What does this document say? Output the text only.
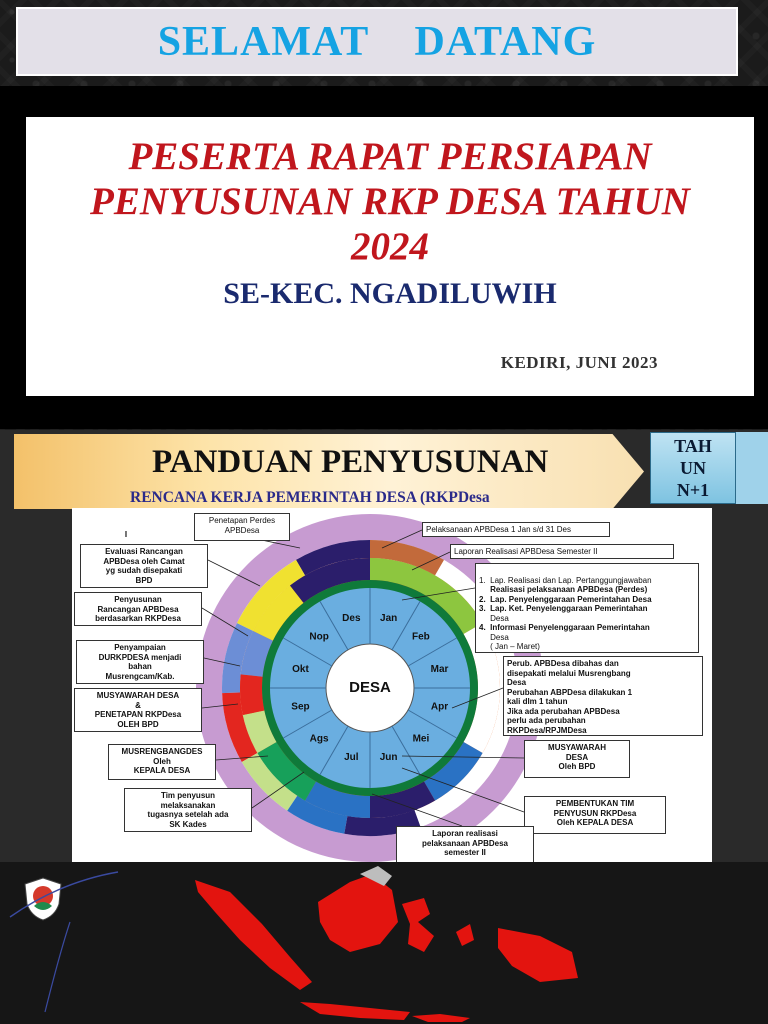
SELAMAT    DATANG
PESERTA RAPAT PERSIAPAN
PENYUSUNAN RKP DESA TAHUN
2024
SE-KEC. NGADILUWIH
KEDIRI, JUNI 2023
PANDUAN PENYUSUNAN
RENCANA KERJA PEMERINTAH DESA (RKPDesa
TAH
UN
N+1
Jan
Feb
Mar
Apr
Mei
Jun
Jul
Ags
Sep
Okt
Nop
Des
DESA
I
Penetapan Perdes
APBDesa	Pelaksanaan APBDesa 1 Jan s/d 31 Des
Laporan Realisasi APBDesa Semester II
Evaluasi Rancangan
APBDesa oleh Camat
yg sudah disepakati
BPD
Penyusunan
Rancangan APBDesa
berdasarkan RKPDesa

1.  Lap. Realisasi dan Lap. Pertanggungjawaban
Realisasi pelaksanaan APBDesa (Perdes)
2.  Lap. Penyelenggaraan Pemerintahan Desa
3.  Lap. Ket. Penyelenggaraan Pemerintahan
Desa
4.  Informasi Penyelenggaraan Pemerintahan
Desa
( Jan – Maret)

Penyampaian
DURKPDESA menjadi
bahan
Musrengcam/Kab.
Perub. APBDesa dibahas dan
disepakati melalui Musrengbang
Desa
Perubahan ABPDesa dilakukan 1
kali dlm 1 tahun
Jika ada perubahan APBDesa
perlu ada perubahan
RKPDesa/RPJMDesa
MUSYAWARAH DESA
&
PENETAPAN RKPDesa
OLEH BPD
MUSRENGBANGDES
Oleh
KEPALA DESA
MUSYAWARAH
DESA
Oleh BPD
Tim penyusun
melaksanakan
tugasnya setelah ada
SK Kades
PEMBENTUKAN TIM
PENYUSUN RKPDesa
Oleh KEPALA DESA
Laporan realisasi
pelaksanaan APBDesa
semester II
